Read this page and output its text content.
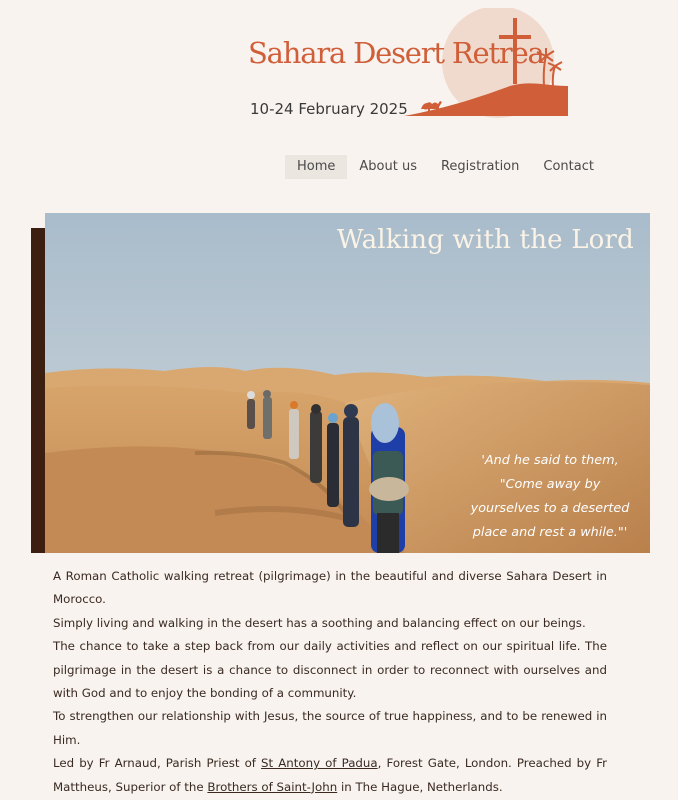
Sahara Desert Retrea
10-24 February 2025
Home	About us	Registration	Contact
Walking with the Lord
'And he said to them, "Come away by yourselves to a deserted place and rest a while."'

A Roman Catholic walking retreat (pilgrimage) in the beautiful and diverse Sahara Desert in Morocco.

Simply living and walking in the desert has a soothing and balancing effect on our beings.

The chance to take a step back from our daily activities and reflect on our spiritual life. The pilgrimage in the desert is a chance to disconnect in order to reconnect with ourselves and with God and to enjoy the bonding of a community.

To strengthen our relationship with Jesus, the source of true happiness, and to be renewed in Him.

Led by Fr Arnaud, Parish Priest of St Antony of Padua, Forest Gate, London. Preached by Fr Mattheus, Superior of the Brothers of Saint-John in The Hague, Netherlands.
